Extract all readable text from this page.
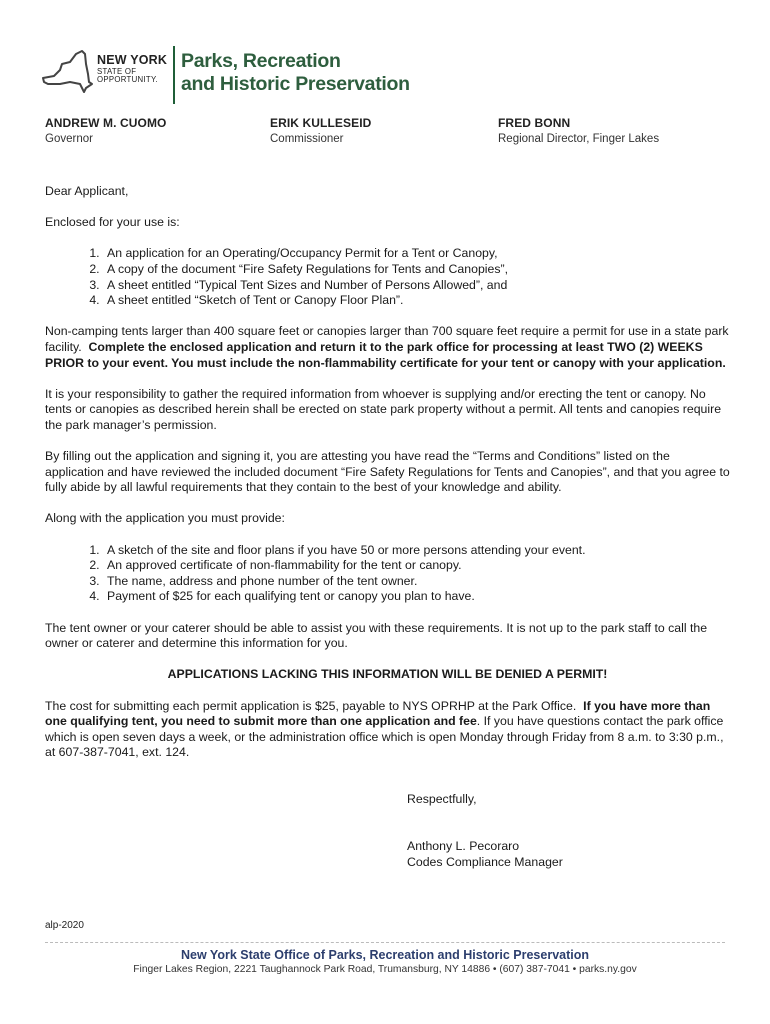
NEW YORK
STATE OF
OPPORTUNITY.
Parks, Recreation
and Historic Preservation
ANDREW M. CUOMO
Governor
ERIK KULLESEID
Commissioner
FRED BONN
Regional Director, Finger Lakes

Dear Applicant,

Enclosed for your use is:

1. An application for an Operating/Occupancy Permit for a Tent or Canopy,
2. A copy of the document “Fire Safety Regulations for Tents and Canopies”,
3. A sheet entitled “Typical Tent Sizes and Number of Persons Allowed”, and
4. A sheet entitled “Sketch of Tent or Canopy Floor Plan”.

Non-camping tents larger than 400 square feet or canopies larger than 700 square feet require a permit for use in a state park facility. Complete the enclosed application and return it to the park office for processing at least TWO (2) WEEKS PRIOR to your event. You must include the non-flammability certificate for your tent or canopy with your application.

It is your responsibility to gather the required information from whoever is supplying and/or erecting the tent or canopy. No tents or canopies as described herein shall be erected on state park property without a permit. All tents and canopies require the park manager’s permission.

By filling out the application and signing it, you are attesting you have read the “Terms and Conditions” listed on the application and have reviewed the included document “Fire Safety Regulations for Tents and Canopies”, and that you agree to fully abide by all lawful requirements that they contain to the best of your knowledge and ability.

Along with the application you must provide:

1. A sketch of the site and floor plans if you have 50 or more persons attending your event.
2. An approved certificate of non-flammability for the tent or canopy.
3. The name, address and phone number of the tent owner.
4. Payment of $25 for each qualifying tent or canopy you plan to have.

The tent owner or your caterer should be able to assist you with these requirements. It is not up to the park staff to call the owner or caterer and determine this information for you.

APPLICATIONS LACKING THIS INFORMATION WILL BE DENIED A PERMIT!

The cost for submitting each permit application is $25, payable to NYS OPRHP at the Park Office. If you have more than one qualifying tent, you need to submit more than one application and fee. If you have questions contact the park office which is open seven days a week, or the administration office which is open Monday through Friday from 8 a.m. to 3:30 p.m., at 607-387-7041, ext. 124.

Respectfully,

Anthony L. Pecoraro

Codes Compliance Manager

alp-2020
New York State Office of Parks, Recreation and Historic Preservation
Finger Lakes Region, 2221 Taughannock Park Road, Trumansburg, NY 14886 • (607) 387-7041 • parks.ny.gov
